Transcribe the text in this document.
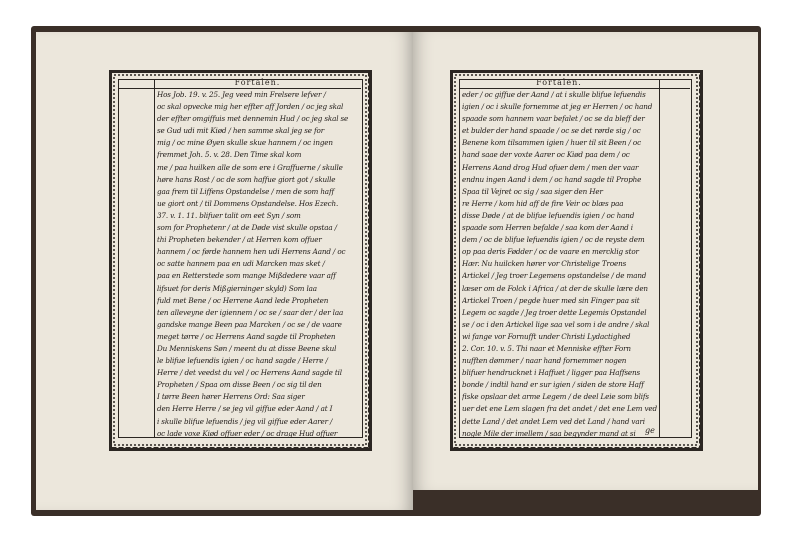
Fortalen.
Hos Job. 19. v. 25. Jeg veed min Frelsere lefver /
oc skal opvecke mig her effter aff Jorden / oc jeg skal
der effter omgiffuis met dennemin Hud / oc jeg skal se
se Gud udi mit Kiød / hen samme skal jeg se for
mig / oc mine Øyen skulle skue hannem / oc ingen
fremmet Joh. 5. v. 28. Den Time skal kom
me / paa huilken alle de som ere i Graffuerne / skulle
høre hans Rost / oc de som haffue giort got / skulle
gaa frem til Liffens Opstandelse / men de som haff
ue giort ont / til Dommens Opstandelse. Hos Ezech.
37. v. 1. 11. blifuer talit om eet Syn / som
som for Prophetenr / at de Døde vist skulle opstaa /
thi Propheten bekender / at Herren kom offuer
hannem / oc førde hannem hen udi Herrens Aand / oc
oc satte hannem paa en udi Marcken mas sket /
paa en Retterstede som mange Mißdedere vaar aff
lifsuet for deris Mißgierninger skyld) Som laa
fuld met Bene / oc Herrene Aand lede Propheten
ten alleveyne der igiennem / oc se / saar der / der laa
gandske mange Been paa Marcken / oc se / de vaare
meget tørre / oc Herrens Aand sagde til Propheten
Du Menniskens Søn / meent du at disse Beene skul
le blifue lefuendis igien / oc hand sagde / Herre /
Herre / det veedst du vel / oc Herrens Aand sagde til
Propheten / Spaa om disse Been / oc sig til den
I tørre Been hører Herrens Ord: Saa siger
den Herre Herre / se jeg vil giffue eder Aand / at I
i skulle blifue lefuendis / jeg vil giffue eder Aarer /
oc lade voxe Kiød offuer eder / oc drage Hud offuer
Fortalen.
eder / oc giffue der Aand / at i skulle blifue lefuendis
igien / oc i skulle fornemme at jeg er Herren / oc hand
spaade som hannem vaar befalet / oc se da bleff der
et bulder der hand spaade / oc se det rørde sig / oc
Benene kom tilsammen igien / huer til sit Been / oc
hand saae der voxte Aarer oc Kiød paa dem / oc
Herrens Aand drog Hud ofuer dem / men der vaar
endnu ingen Aand i dem / oc hand sagde til Prophe
Spaa til Vejret oc sig / saa siger den Her
re Herre / kom hid aff de fire Veir oc blæs paa
disse Døde / at de blifue lefuendis igien / oc hand
spaade som Herren befalde / saa kom der Aand i
dem / oc de blifue lefuendis igien / oc de reyste dem
op paa deris Fødder / oc de vaare en mercklig stor
Hær. Nu huilcken hører vor Christelige Troens
Artickel / Jeg troer Legemens opstandelse / de mand
læser om de Folck i Africa / at der de skulle lære den
Artickel Troen / pegde huer med sin Finger paa sit
Legem oc sagde / Jeg troer dette Legemis Opstandel
se / oc i den Artickel lige saa vel som i de andre / skal
wi fange vor Fornufft under Christi Lydactighed
2. Cor. 10. v. 5. Thi naar et Menniske effter Forn
nufften dømmer / naar hand fornemmer nogen
blifuer hendrucknet i Haffuet / ligger paa Haffsens
bonde / indtil hand er sur igien / siden de store Haff
fiske opslaar det arme Legem / de deel Leie som blifs
uer det ene Lem slagen fra det andet / det ene Lem ved
dette Land / det andet Lem ved det Land / hand vari
nogle Mile der imellem / saa begynder mand at si	ge
